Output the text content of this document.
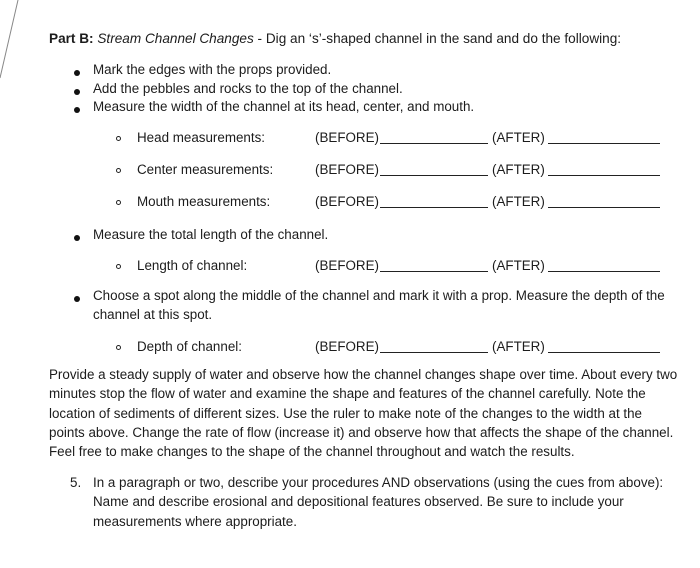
Part B: Stream Channel Changes - Dig an ‘s’-shaped channel in the sand and do the following:
Mark the edges with the props provided.
Add the pebbles and rocks to the top of the channel.
Measure the width of the channel at its head, center, and mouth.
Head measurements:	(BEFORE)	(AFTER)
Center measurements:	(BEFORE)	(AFTER)
Mouth measurements:	(BEFORE)	(AFTER)
Measure the total length of the channel.
Length of channel:	(BEFORE)	(AFTER)
Choose a spot along the middle of the channel and mark it with a prop. Measure the depth of the channel at this spot.
Depth of channel:	(BEFORE)	(AFTER)
Provide a steady supply of water and observe how the channel changes shape over time. About every two minutes stop the flow of water and examine the shape and features of the channel carefully. Note the location of sediments of different sizes. Use the ruler to make note of the changes to the width at the points above. Change the rate of flow (increase it) and observe how that affects the shape of the channel. Feel free to make changes to the shape of the channel throughout and watch the results.
5. In a paragraph or two, describe your procedures AND observations (using the cues from above): Name and describe erosional and depositional features observed. Be sure to include your measurements where appropriate.
